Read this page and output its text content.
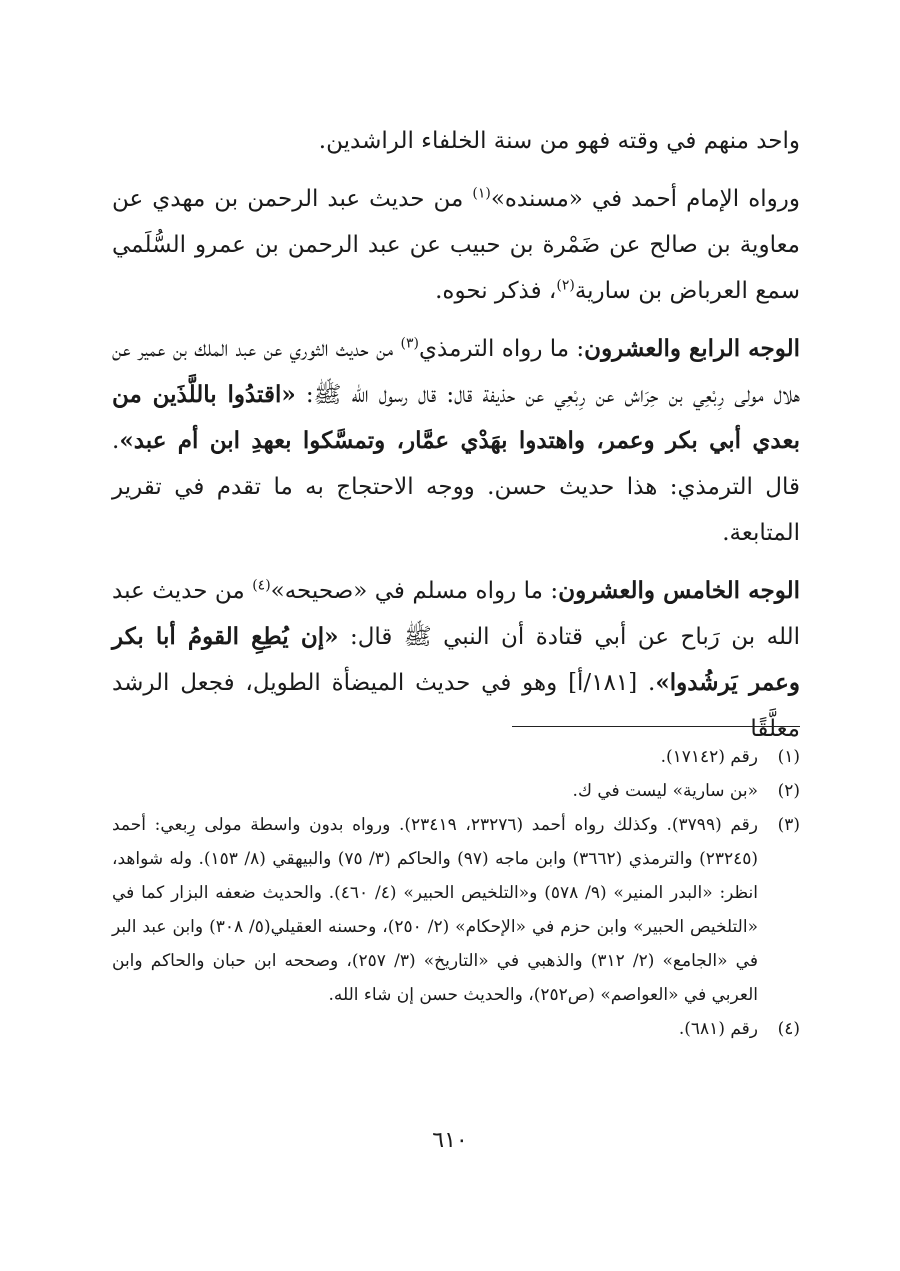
واحد منهم في وقته فهو من سنة الخلفاء الراشدين.

ورواه الإمام أحمد في «مسنده»$^{(١)}$ من حديث عبد الرحمن بن مهدي عن معاوية بن صالح عن ضَمْرة بن حبيب عن عبد الرحمن بن عمرو السُّلَمي سمع العرباض بن سارية$^{(٢)}$، فذكر نحوه.

الوجه الرابع والعشرون: ما رواه الترمذي$^{(٣)}$ من حديث الثوري عن عبد الملك بن عمير عن هلال مولى رِبْعِي بن حِرَاش عن رِبْعِي عن حذيفة قال: قال رسول الله ﷺ: «اقتدُوا باللَّذَين من بعدي أبي بكر وعمر، واهتدوا بهَدْي عمَّار، وتمسَّكوا بعهدِ ابن أم عبد». قال الترمذي: هذا حديث حسن. ووجه الاحتجاج به ما تقدم في تقرير المتابعة.

الوجه الخامس والعشرون: ما رواه مسلم في «صحيحه»$^{(٤)}$ من حديث عبد الله بن رَباح عن أبي قتادة أن النبي ﷺ قال: «إن يُطِعِ القومُ أبا بكر وعمر يَرشُدوا». [١٨١/أ] وهو في حديث الميضأة الطويل، فجعل الرشد معلَّقًا

(١)
رقم (١٧١٤٢).
(٢)
«بن سارية» ليست في ك.
(٣)
رقم (٣٧٩٩). وكذلك رواه أحمد (٢٣٢٧٦، ٢٣٤١٩). ورواه بدون واسطة مولى رِبعي: أحمد (٢٣٢٤٥) والترمذي (٣٦٦٢) وابن ماجه (٩٧) والحاكم (٣/ ٧٥) والبيهقي (٨/ ١٥٣). وله شواهد، انظر: «البدر المنير» (٩/ ٥٧٨) و«التلخيص الحبير» (٤/ ٤٦٠). والحديث ضعفه البزار كما في «التلخيص الحبير» وابن حزم في «الإحكام» (٢/ ٢٥٠)، وحسنه العقيلي(٥/ ٣٠٨) وابن عبد البر في «الجامع» (٢/ ٣١٢) والذهبي في «التاريخ» (٣/ ٢٥٧)، وصححه ابن حبان والحاكم وابن العربي في «العواصم» (ص٢٥٢)، والحديث حسن إن شاء الله.
(٤)
رقم (٦٨١).
٦١٠
